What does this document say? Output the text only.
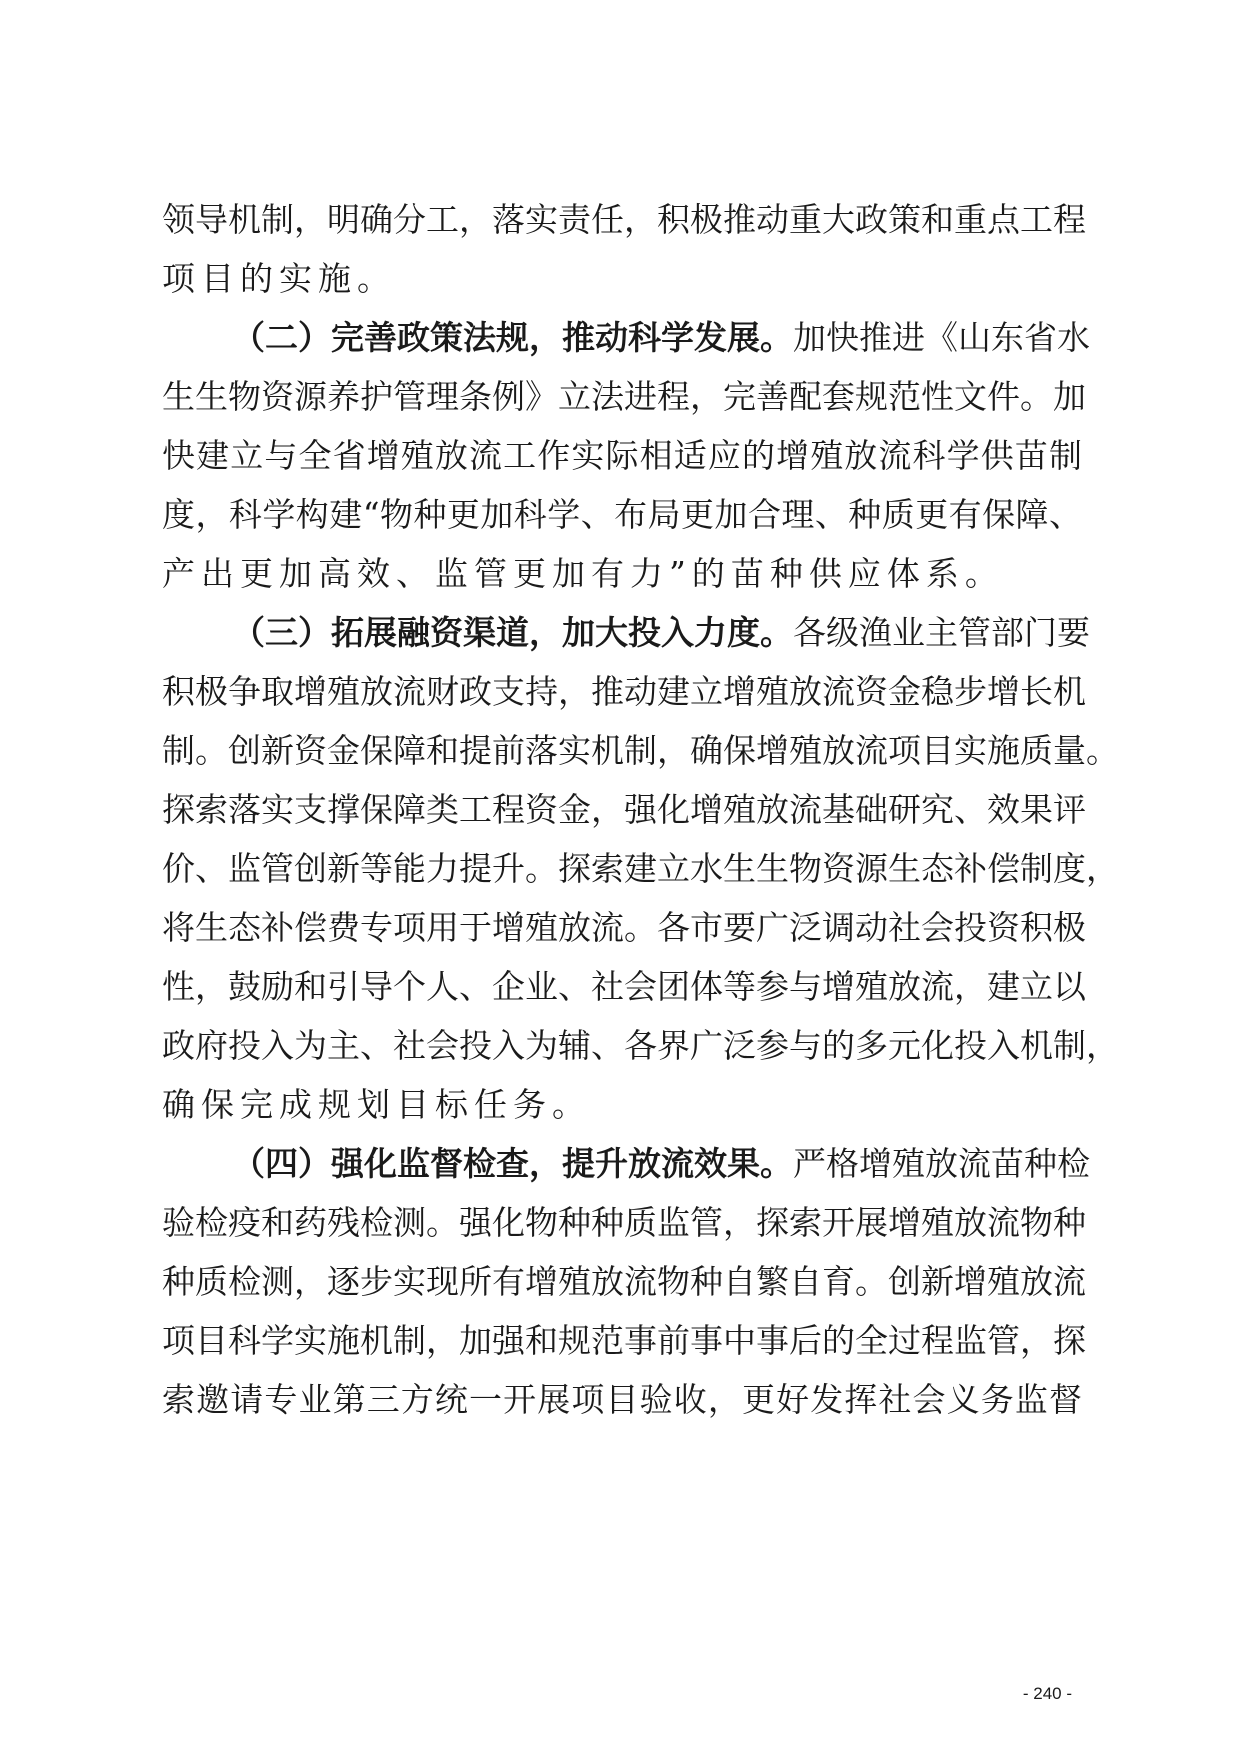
领导机制，明确分工，落实责任，积极推动重大政策和重点工程
项目的实施。
（二）完善政策法规，推动科学发展。加快推进《山东省水
生生物资源养护管理条例》立法进程，完善配套规范性文件。加
快建立与全省增殖放流工作实际相适应的增殖放流科学供苗制
度，科学构建“物种更加科学、布局更加合理、种质更有保障、
产出更加高效、监管更加有力”的苗种供应体系。
（三）拓展融资渠道，加大投入力度。各级渔业主管部门要
积极争取增殖放流财政支持，推动建立增殖放流资金稳步增长机
制。创新资金保障和提前落实机制，确保增殖放流项目实施质量。
探索落实支撑保障类工程资金，强化增殖放流基础研究、效果评
价、监管创新等能力提升。探索建立水生生物资源生态补偿制度，
将生态补偿费专项用于增殖放流。各市要广泛调动社会投资积极
性，鼓励和引导个人、企业、社会团体等参与增殖放流，建立以
政府投入为主、社会投入为辅、各界广泛参与的多元化投入机制，
确保完成规划目标任务。
（四）强化监督检查，提升放流效果。严格增殖放流苗种检
验检疫和药残检测。强化物种种质监管，探索开展增殖放流物种
种质检测，逐步实现所有增殖放流物种自繁自育。创新增殖放流
项目科学实施机制，加强和规范事前事中事后的全过程监管，探
索邀请专业第三方统一开展项目验收，更好发挥社会义务监督
- 240 -
